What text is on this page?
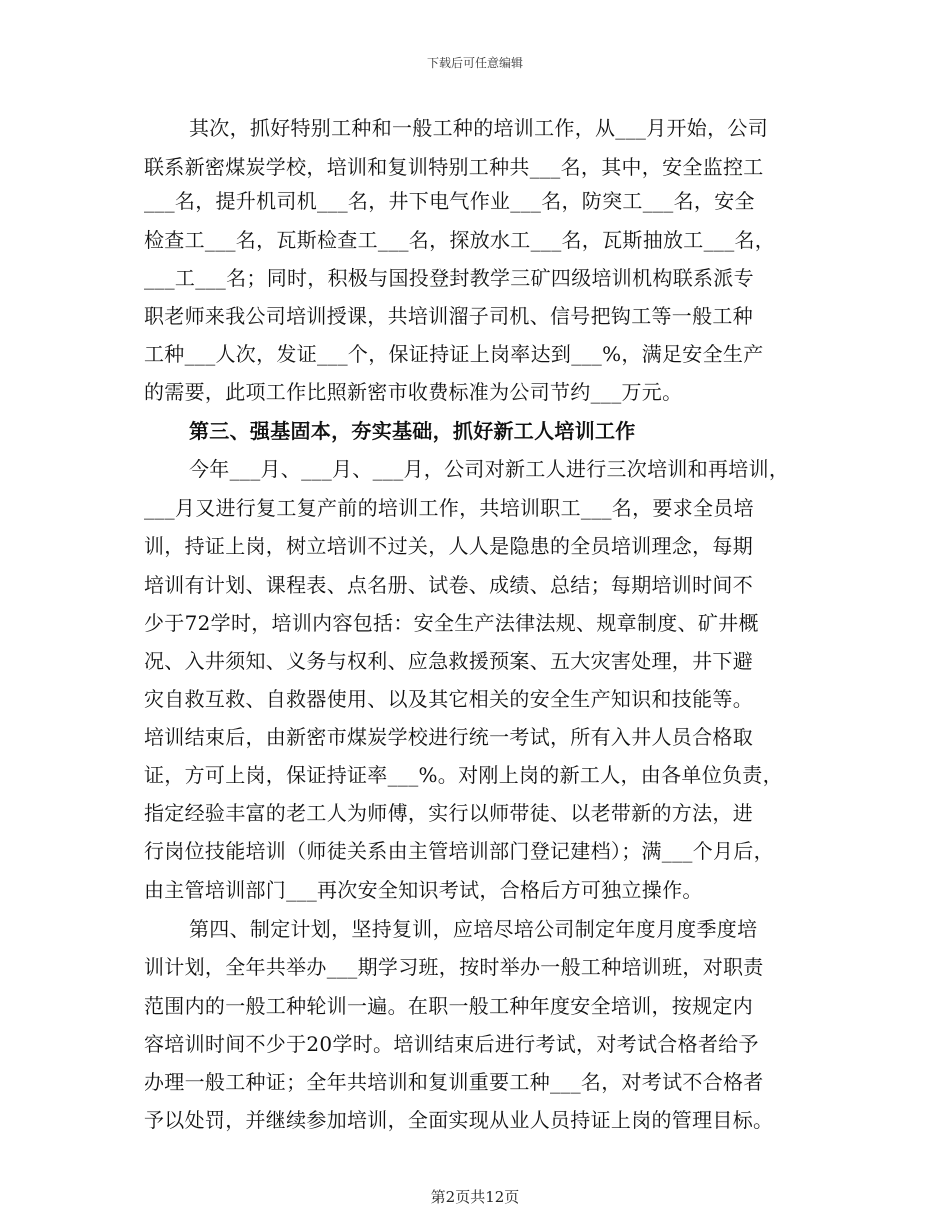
下载后可任意编辑
其次，抓好特别工种和一般工种的培训工作，从___月开始，公司
联系新密煤炭学校，培训和复训特别工种共___名，其中，安全监控工
___名，提升机司机___名，井下电气作业___名，防突工___名，安全
检查工___名，瓦斯检查工___名，探放水工___名，瓦斯抽放工___名，
___工___名；同时，积极与国投登封教学三矿四级培训机构联系派专
职老师来我公司培训授课，共培训溜子司机、信号把钩工等一般工种
工种___人次，发证___个，保证持证上岗率达到___%，满足安全生产
的需要，此项工作比照新密市收费标准为公司节约___万元。
第三、强基固本，夯实基础，抓好新工人培训工作
今年___月、___月、___月，公司对新工人进行三次培训和再培训，
___月又进行复工复产前的培训工作，共培训职工___名，要求全员培
训，持证上岗，树立培训不过关，人人是隐患的全员培训理念，每期
培训有计划、课程表、点名册、试卷、成绩、总结；每期培训时间不
少于72学时，培训内容包括：安全生产法律法规、规章制度、矿井概
况、入井须知、义务与权利、应急救援预案、五大灾害处理，井下避
灾自救互救、自救器使用、以及其它相关的安全生产知识和技能等。
培训结束后，由新密市煤炭学校进行统一考试，所有入井人员合格取
证，方可上岗，保证持证率___%。对刚上岗的新工人，由各单位负责，
指定经验丰富的老工人为师傅，实行以师带徒、以老带新的方法，进
行岗位技能培训（师徒关系由主管培训部门登记建档）；满___个月后，
由主管培训部门___再次安全知识考试，合格后方可独立操作。
第四、制定计划，坚持复训，应培尽培公司制定年度月度季度培
训计划，全年共举办___期学习班，按时举办一般工种培训班，对职责
范围内的一般工种轮训一遍。在职一般工种年度安全培训，按规定内
容培训时间不少于20学时。培训结束后进行考试，对考试合格者给予
办理一般工种证；全年共培训和复训重要工种___名，对考试不合格者
予以处罚，并继续参加培训，全面实现从业人员持证上岗的管理目标。
第2页共12页
